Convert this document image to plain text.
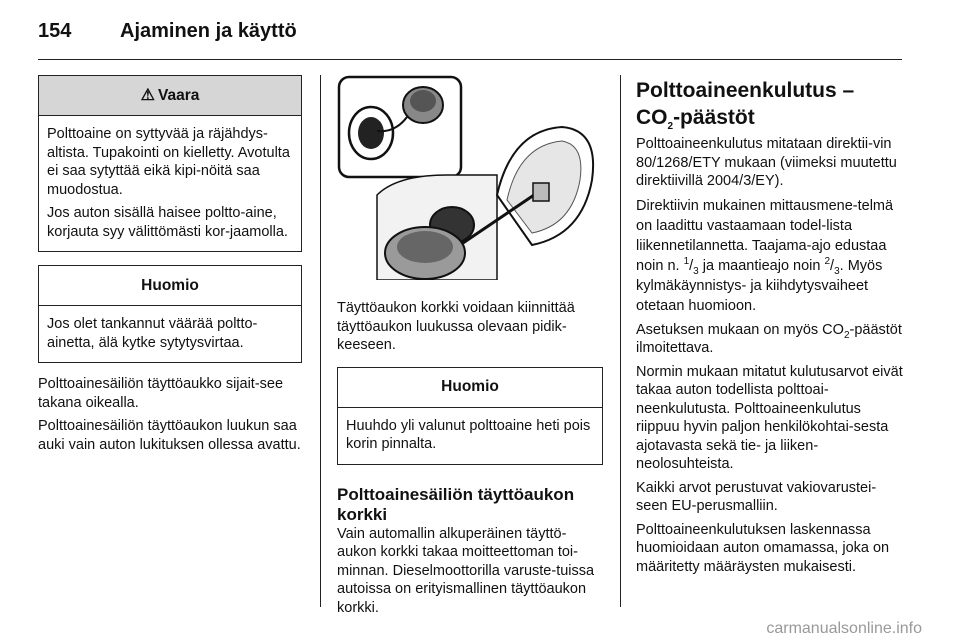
154 Ajaminen ja käyttö
⚠ Vaara

Polttoaine on syttyvää ja räjähdys-altista. Tupakointi on kielletty. Avotulta ei saa sytyttää eikä kipi-nöitä saa muodostua.

Jos auton sisällä haisee poltto-aine, korjauta syy välittömästi kor-jaamolla.

Huomio

Jos olet tankannut väärää poltto-ainetta, älä kytke sytytysvirtaa.

Polttoainesäiliön täyttöaukko sijait-see takana oikealla.

Polttoainesäiliön täyttöaukon luukun saa auki vain auton lukituksen ollessa avattu.

Täyttöaukon korkki voidaan kiinnittää täyttöaukon luukussa olevaan pidik-keeseen.

Huomio

Huuhdo yli valunut polttoaine heti pois korin pinnalta.

Polttoainesäiliön täyttöaukon korkki

Vain automallin alkuperäinen täyttö-aukon korkki takaa moitteettoman toi-minnan. Dieselmoottorilla varuste-tuissa autoissa on erityismallinen täyttöaukon korkki.

Polttoaineenkulutus –
$CO_2$-päästöt

Polttoaineenkulutus mitataan direktii-vin 80/1268/ETY mukaan (viimeksi muutettu direktiivillä 2004/3/EY).

Direktiivin mukainen mittausmene-telmä on laadittu vastaamaan todel-lista liikennetilannetta. Taajama-ajo edustaa noin n. $^1/_3$ ja maantieajo noin $^2/_3$. Myös kylmäkäynnistys- ja kiihdytysvaiheet otetaan huomioon.

Asetuksen mukaan on myös $CO_2$-päästöt ilmoitettava.

Normin mukaan mitatut kulutusarvot eivät takaa auton todellista polttoai-neenkulutusta. Polttoaineenkulutus riippuu hyvin paljon henkilökohtai-sesta ajotavasta sekä tie- ja liiken-neolosuhteista.

Kaikki arvot perustuvat vakiovarustei-seen EU-perusmalliin.

Polttoaineenkulutuksen laskennassa huomioidaan auton omamassa, joka on määritetty määräysten mukaisesti.

carmanualsonline.info
